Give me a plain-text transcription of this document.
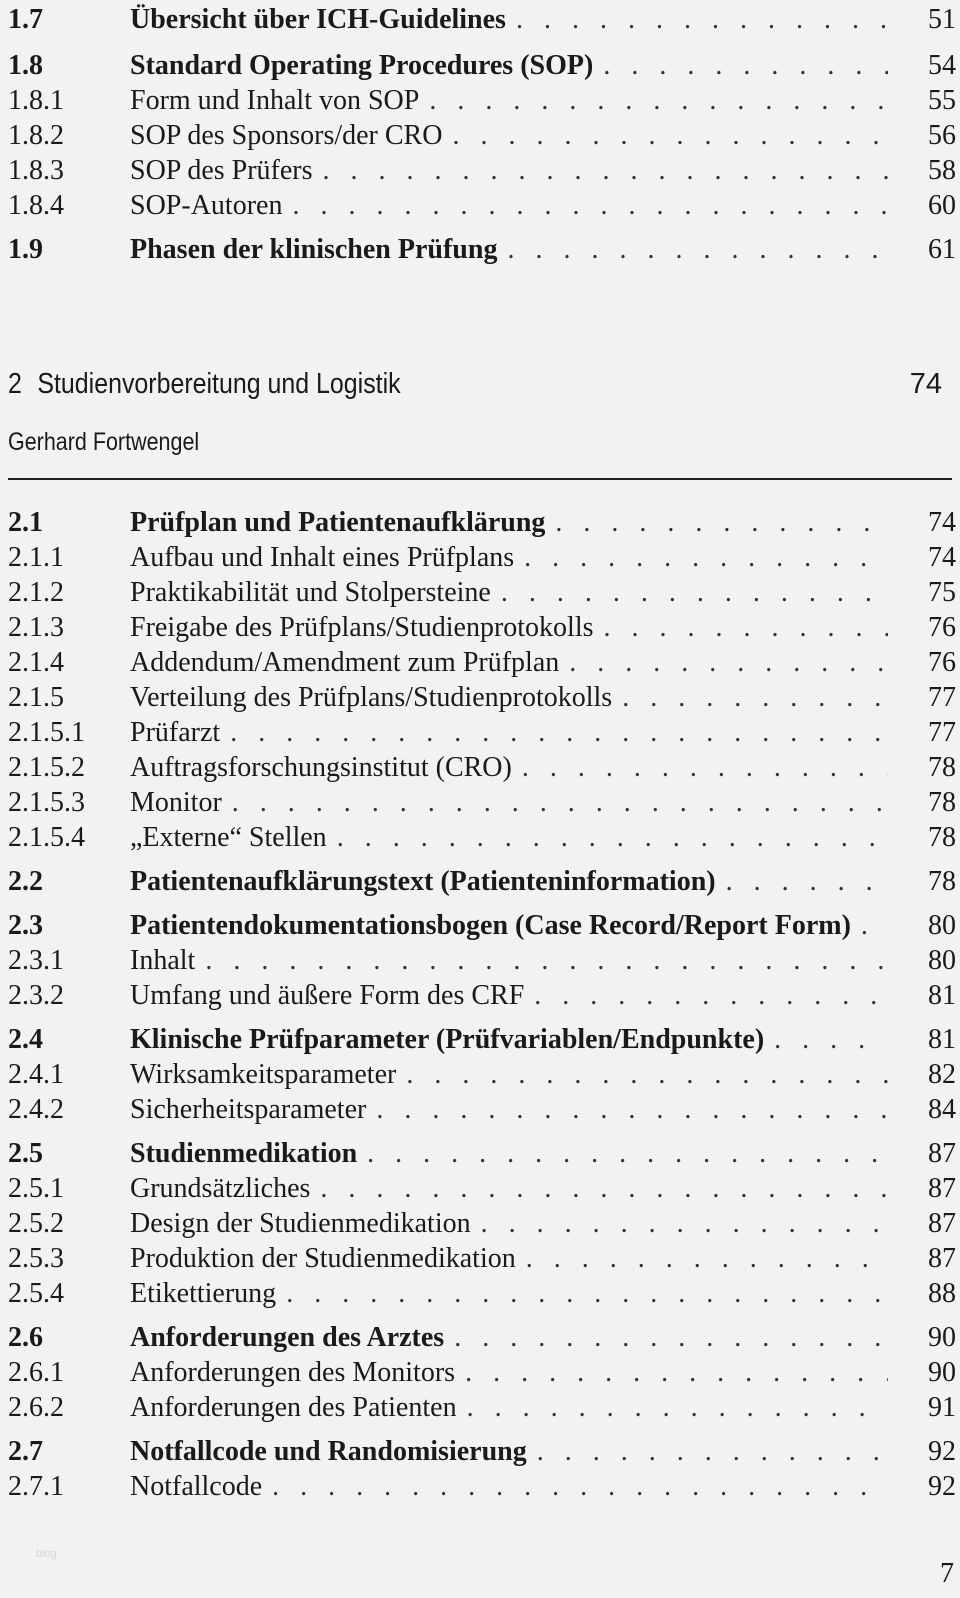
1.7	Übersicht über ICH-Guidelines . . .	51
1.8	Standard Operating Procedures (SOP) . . .	54
1.8.1 Form und Inhalt von SOP . . .	55
1.8.2 SOP des Sponsors/der CRO . . .	56
1.8.3 SOP des Prüfers . . .	58
1.8.4 SOP-Autoren . . .	60
1.9	Phasen der klinischen Prüfung . . .	61
2 Studienvorbereitung und Logistik	74
Gerhard Fortwengel
2.1	Prüfplan und Patientenaufklärung . . .	74
2.1.1 Aufbau und Inhalt eines Prüfplans . . .	74
2.1.2 Praktikabilität und Stolpersteine . . .	75
2.1.3 Freigabe des Prüfplans/Studienprotokolls . . .	76
2.1.4 Addendum/Amendment zum Prüfplan . . .	76
2.1.5 Verteilung des Prüfplans/Studienprotokolls . . .	77
2.1.5.1 Prüfarzt . . .	77
2.1.5.2 Auftragsforschungsinstitut (CRO) . . .	78
2.1.5.3 Monitor . . .	78
2.1.5.4 „Externe“ Stellen . . .	78
2.2	Patientenaufklärungstext (Patienteninformation) . . .	78
2.3	Patientendokumentationsbogen (Case Record/Report Form) . . .	80
2.3.1 Inhalt . . .	80
2.3.2 Umfang und äußere Form des CRF . . .	81
2.4	Klinische Prüfparameter (Prüfvariablen/Endpunkte) . . .	81
2.4.1 Wirksamkeitsparameter . . .	82
2.4.2 Sicherheitsparameter . . .	84
2.5	Studienmedikation . . .	87
2.5.1 Grundsätzliches . . .	87
2.5.2 Design der Studienmedikation . . .	87
2.5.3 Produktion der Studienmedikation . . .	87
2.5.4 Etikettierung . . .	88
2.6	Anforderungen des Arztes . . .	90
2.6.1 Anforderungen des Monitors . . .	90
2.6.2 Anforderungen des Patienten . . .	91
2.7	Notfallcode und Randomisierung . . .	92
2.7.1 Notfallcode . . .	92
blog
7
